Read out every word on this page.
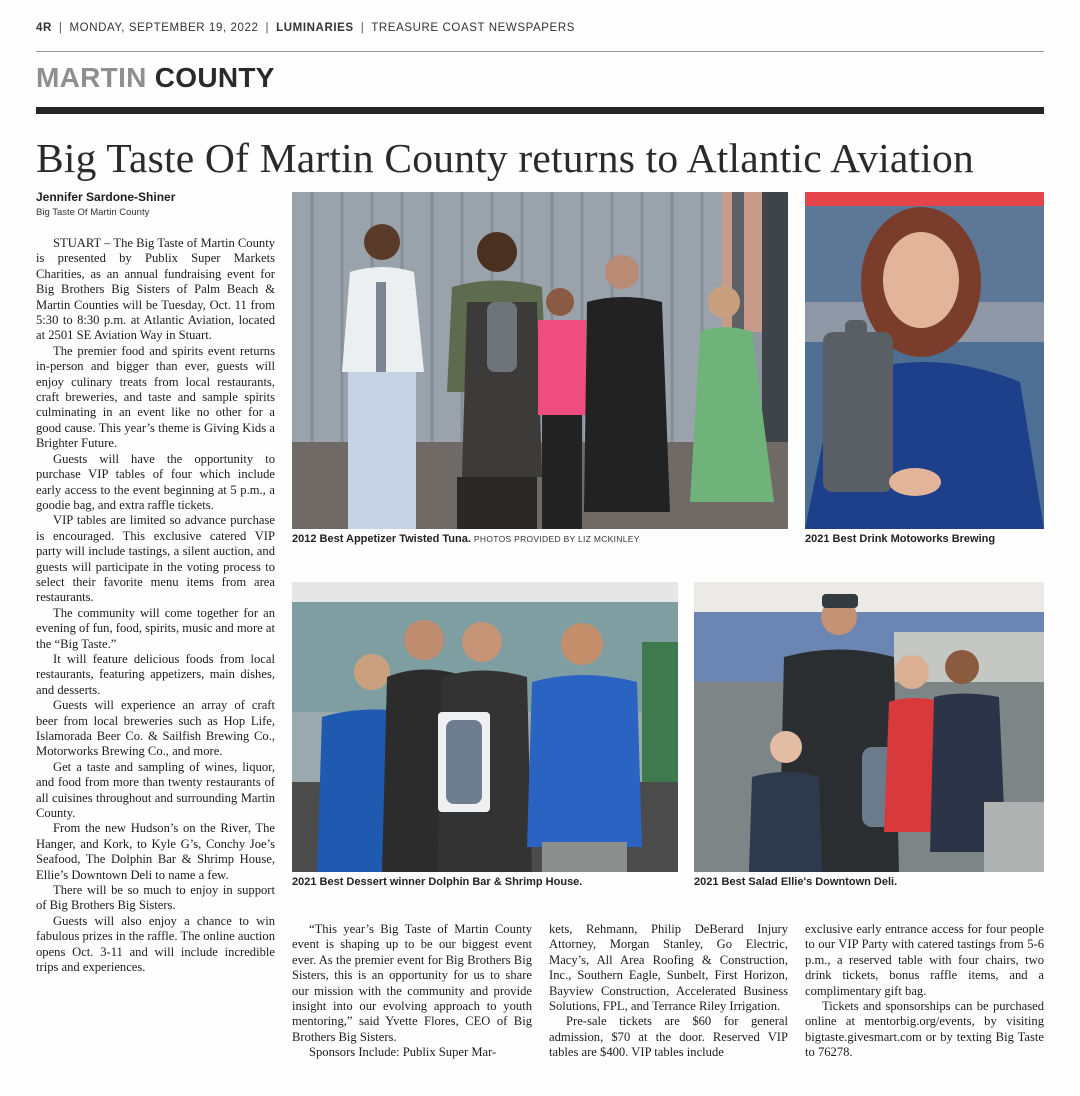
4R | MONDAY, SEPTEMBER 19, 2022 | LUMINARIES | TREASURE COAST NEWSPAPERS
MARTIN COUNTY
Big Taste Of Martin County returns to Atlantic Aviation
Jennifer Sardone-Shiner
Big Taste Of Martin County

STUART – The Big Taste of Martin County is presented by Publix Super Markets Charities, as an annual fundraising event for Big Brothers Big Sisters of Palm Beach & Martin Counties will be Tuesday, Oct. 11 from 5:30 to 8:30 p.m. at Atlantic Aviation, located at 2501 SE Aviation Way in Stuart.

The premier food and spirits event returns in-person and bigger than ever, guests will enjoy culinary treats from local restaurants, craft breweries, and taste and sample spirits culminating in an event like no other for a good cause. This year’s theme is Giving Kids a Brighter Future.

Guests will have the opportunity to purchase VIP tables of four which include early access to the event beginning at 5 p.m., a goodie bag, and extra raffle tickets.

VIP tables are limited so advance purchase is encouraged. This exclusive catered VIP party will include tastings, a silent auction, and guests will participate in the voting process to select their favorite menu items from area restaurants.

The community will come together for an evening of fun, food, spirits, music and more at the “Big Taste.”

It will feature delicious foods from local restaurants, featuring appetizers, main dishes, and desserts.

Guests will experience an array of craft beer from local breweries such as Hop Life, Islamorada Beer Co. & Sailfish Brewing Co., Motorworks Brewing Co., and more.

Get a taste and sampling of wines, liquor, and food from more than twenty restaurants of all cuisines throughout and surrounding Martin County.

From the new Hudson’s on the River, The Hanger, and Kork, to Kyle G’s, Conchy Joe’s Seafood, The Dolphin Bar & Shrimp House, Ellie’s Downtown Deli to name a few.

There will be so much to enjoy in support of Big Brothers Big Sisters.

Guests will also enjoy a chance to win fabulous prizes in the raffle. The online auction opens Oct. 3-11 and will include incredible trips and experiences.

2012 Best Appetizer Twisted Tuna. PHOTOS PROVIDED BY LIZ MCKINLEY	2021 Best Drink Motoworks Brewing
2021 Best Dessert winner Dolphin Bar & Shrimp House.	2021 Best Salad Ellie's Downtown Deli.

“This year’s Big Taste of Martin County event is shaping up to be our biggest event ever. As the premier event for Big Brothers Big Sisters, this is an opportunity for us to share our mission with the community and provide insight into our evolving approach to youth mentoring,” said Yvette Flores, CEO of Big Brothers Big Sisters.

Sponsors Include: Publix Super Mar-

kets, Rehmann, Philip DeBerard Injury Attorney, Morgan Stanley, Go Electric, Macy’s, All Area Roofing & Construction, Inc., Southern Eagle, Sunbelt, First Horizon, Bayview Construction, Accelerated Business Solutions, FPL, and Terrance Riley Irrigation.

Pre-sale tickets are $60 for general admission, $70 at the door. Reserved VIP tables are $400. VIP tables include

exclusive early entrance access for four people to our VIP Party with catered tastings from 5-6 p.m., a reserved table with four chairs, two drink tickets, bonus raffle items, and a complimentary gift bag.

Tickets and sponsorships can be purchased online at mentorbig.org/events, by visiting bigtaste.givesmart.com or by texting Big Taste to 76278.
